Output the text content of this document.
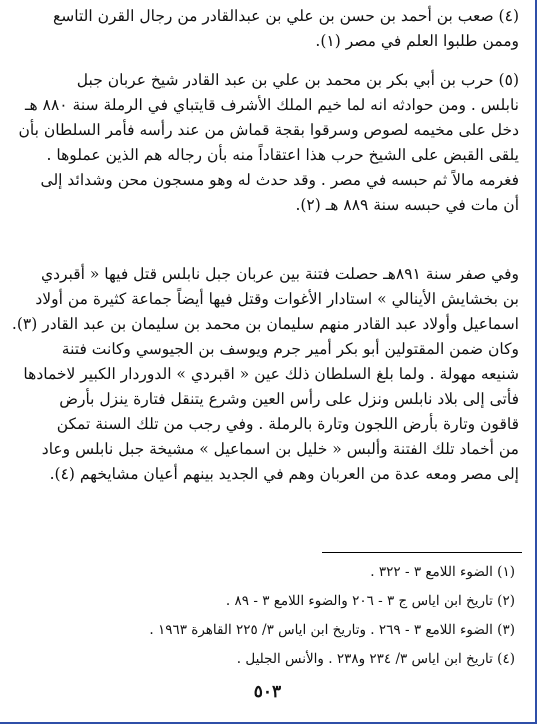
(٤) صعب بن أحمد بن حسن بن علي بن عبدالقادر من رجال القرن التاسع
وممن طلبوا العلم في مصر (١).
(٥) حرب بن أبي بكر بن محمد بن علي بن عبد القادر شيخ عربان جبل
نابلس . ومن حوادثه انه لما خيم الملك الأشرف قايتباي في الرملة سنة ٨٨٠ هـ
دخل على مخيمه لصوص وسرقوا بقجة قماش من عند رأسه فأمر السلطان بأن
يلقى القبض على الشيخ حرب هذا اعتقاداً منه بأن رجاله هم الذين عملوها .
فغرمه مالاً ثم حبسه في مصر . وقد حدث له وهو مسجون محن وشدائد إلى
أن مات في حبسه سنة ٨٨٩ هـ (٢).
وفي صفر سنة ٨٩١هـ حصلت فتنة بين عربان جبل نابلس قتل فيها « أقبردي
بن بخشايش الأينالي » استادار الأغوات وقتل فيها أيضاً جماعة كثيرة من أولاد
اسماعيل وأولاد عبد القادر منهم سليمان بن محمد بن سليمان بن عبد القادر (٣).
وكان ضمن المقتولين أبو بكر أمير جرم ويوسف بن الجيوسي وكانت فتنة
شنيعه مهولة . ولما بلغ السلطان ذلك عين « اقبردي » الدوردار الكبير لاخمادها
فأتى إلى بلاد نابلس ونزل على رأس العين وشرع يتنقل فتارة ينزل بأرض
قاقون وتارة بأرض اللجون وتارة بالرملة . وفي رجب من تلك السنة تمكن
من أخماد تلك الفتنة وألبس « خليل بن اسماعيل » مشيخة جبل نابلس وعاد
إلى مصر ومعه عدة من العربان وهم في الجديد بينهم أعيان مشايخهم (٤).
(١) الضوء اللامع ٣ - ٣٢٢ .
(٢) تاريخ ابن اياس ج ٣ - ٢٠٦ والضوء اللامع ٣ - ٨٩ .
(٣) الضوء اللامع ٣ - ٢٦٩ . وتاريخ ابن اياس ٣/ ٢٢٥ القاهرة ١٩٦٣ .
(٤) تاريخ ابن اياس ٣/ ٢٣٤ و٢٣٨ . والأنس الجليل .
٥٠٣
